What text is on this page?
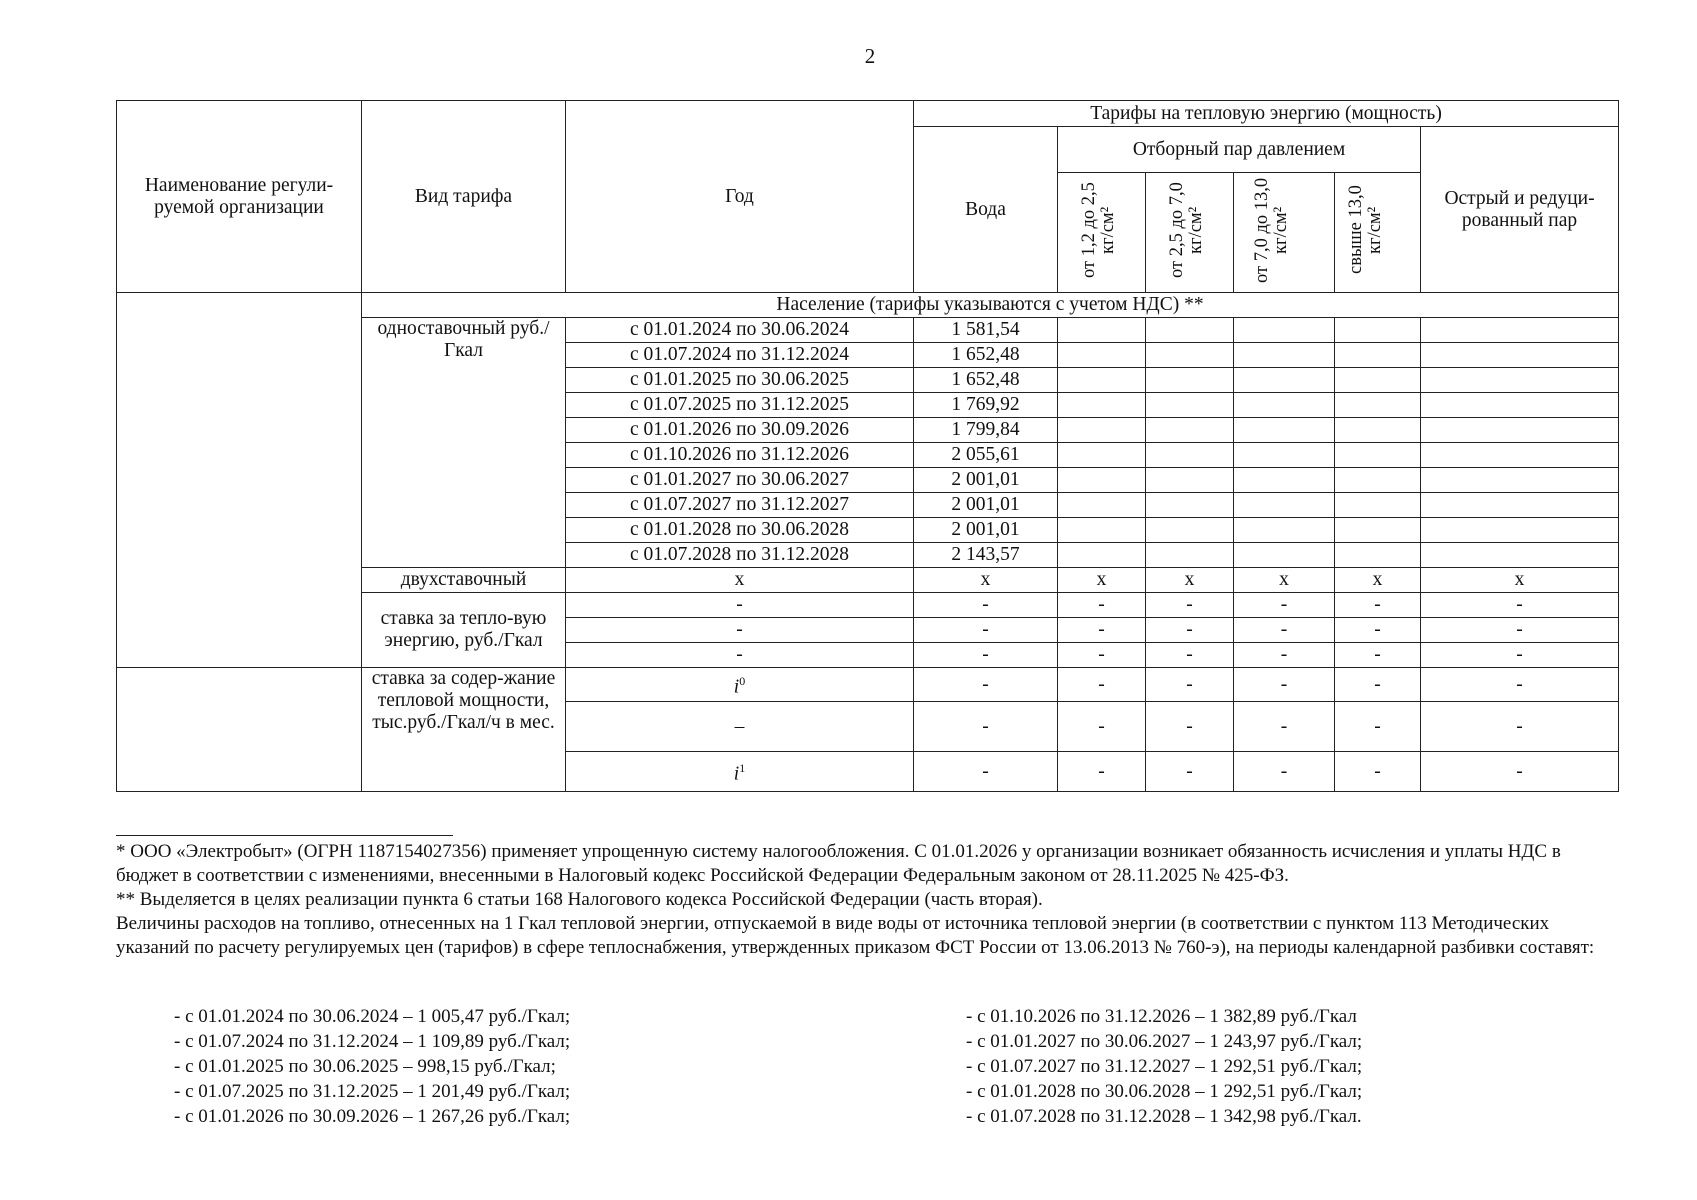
2
Наименование регули-руемой организации	Вид тарифа	Год	Тарифы на тепловую энергию (мощность)					
			Вода	Отборный пар давлением				Острый и редуци-рованный пар
				от 1,2 до 2,5 кг/см²	от 2,5 до 7,0 кг/см²	от 7,0 до 13,0 кг/см²	свыше 13,0 кг/см²	
	Население (тарифы указываются с учетом НДС) **							
	одноставочный руб./Гкал	с 01.01.2024 по 30.06.2024	1 581,54					
		с 01.07.2024 по 31.12.2024	1 652,48					
		с 01.01.2025 по 30.06.2025	1 652,48					
		с 01.07.2025 по 31.12.2025	1 769,92					
		с 01.01.2026 по 30.09.2026	1 799,84					
		с 01.10.2026 по 31.12.2026	2 055,61					
		с 01.01.2027 по 30.06.2027	2 001,01					
		с 01.07.2027 по 31.12.2027	2 001,01					
		с 01.01.2028 по 30.06.2028	2 001,01					
		с 01.07.2028 по 31.12.2028	2 143,57					
	двухставочный	х	х	х	х	х	х	х
	ставка за тепло-вую энергию, руб./Гкал	-	-	-	-	-	-	-
		-	-	-	-	-	-	-
		-	-	-	-	-	-	-
	ставка за содер-жание тепловой мощности, тыс.руб./Гкал/ч в мес.	$i^0$	-	-	-	-	-	-
		–	-	-	-	-	-	-
		$i^1$	-	-	-	-	-	-

* ООО «Электробыт» (ОГРН 1187154027356) применяет упрощенную систему налогообложения. С 01.01.2026 у организации возникает обязанность исчисления и уплаты НДС в бюджет в соответствии с изменениями, внесенными в Налоговый кодекс Российской Федерации Федеральным законом от 28.11.2025 № 425-ФЗ.

** Выделяется в целях реализации пункта 6 статьи 168 Налогового кодекса Российской Федерации (часть вторая).

Величины расходов на топливо, отнесенных на 1 Гкал тепловой энергии, отпускаемой в виде воды от источника тепловой энергии (в соответствии с пунктом 113 Методических указаний по расчету регулируемых цен (тарифов) в сфере теплоснабжения, утвержденных приказом ФСТ России от 13.06.2013 № 760-э), на периоды календарной разбивки составят:

- с 01.01.2024 по 30.06.2024 – 1 005,47 руб./Гкал;
- с 01.07.2024 по 31.12.2024 – 1 109,89 руб./Гкал;
- с 01.01.2025 по 30.06.2025 – 998,15 руб./Гкал;
- с 01.07.2025 по 31.12.2025 – 1 201,49 руб./Гкал;
- с 01.01.2026 по 30.09.2026 – 1 267,26 руб./Гкал;
- с 01.10.2026 по 31.12.2026 – 1 382,89 руб./Гкал
- с 01.01.2027 по 30.06.2027 – 1 243,97 руб./Гкал;
- с 01.07.2027 по 31.12.2027 – 1 292,51 руб./Гкал;
- с 01.01.2028 по 30.06.2028 – 1 292,51 руб./Гкал;
- с 01.07.2028 по 31.12.2028 – 1 342,98 руб./Гкал.
